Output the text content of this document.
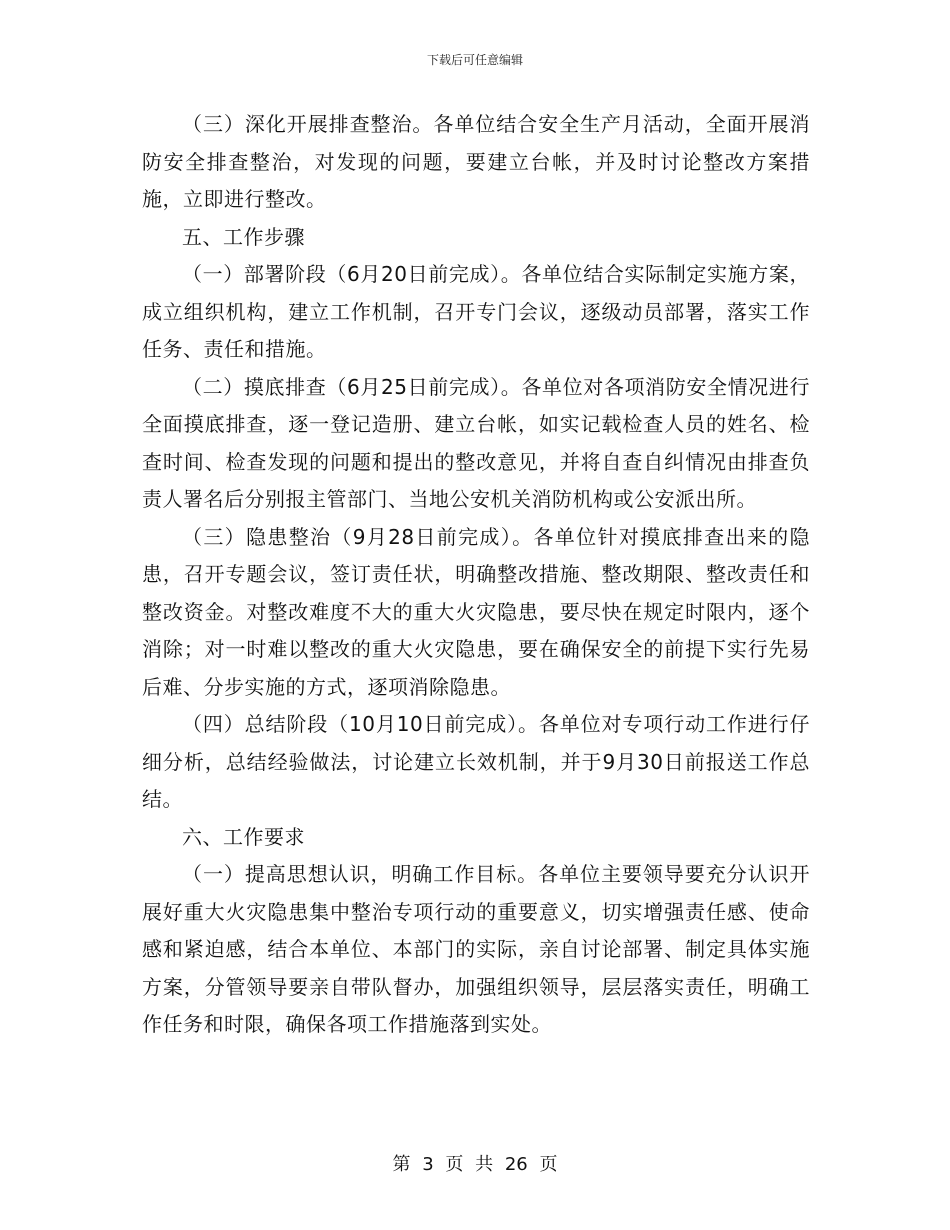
下载后可任意编辑

（三）深化开展排查整治。各单位结合安全生产月活动，全面开展消防安全排查整治，对发现的问题，要建立台帐，并及时讨论整改方案措施，立即进行整改。

五、工作步骤

（一）部署阶段（6月20日前完成）。各单位结合实际制定实施方案，成立组织机构，建立工作机制，召开专门会议，逐级动员部署，落实工作任务、责任和措施。

（二）摸底排查（6月25日前完成）。各单位对各项消防安全情况进行全面摸底排查，逐一登记造册、建立台帐，如实记载检查人员的姓名、检查时间、检查发现的问题和提出的整改意见，并将自查自纠情况由排查负责人署名后分别报主管部门、当地公安机关消防机构或公安派出所。

（三）隐患整治（9月28日前完成）。各单位针对摸底排查出来的隐患，召开专题会议，签订责任状，明确整改措施、整改期限、整改责任和整改资金。对整改难度不大的重大火灾隐患，要尽快在规定时限内，逐个消除；对一时难以整改的重大火灾隐患，要在确保安全的前提下实行先易后难、分步实施的方式，逐项消除隐患。

（四）总结阶段（10月10日前完成）。各单位对专项行动工作进行仔细分析，总结经验做法，讨论建立长效机制，并于9月30日前报送工作总结。

六、工作要求

（一）提高思想认识，明确工作目标。各单位主要领导要充分认识开展好重大火灾隐患集中整治专项行动的重要意义，切实增强责任感、使命感和紧迫感，结合本单位、本部门的实际，亲自讨论部署、制定具体实施方案，分管领导要亲自带队督办，加强组织领导，层层落实责任，明确工作任务和时限，确保各项工作措施落到实处。

第 3 页 共 26 页
